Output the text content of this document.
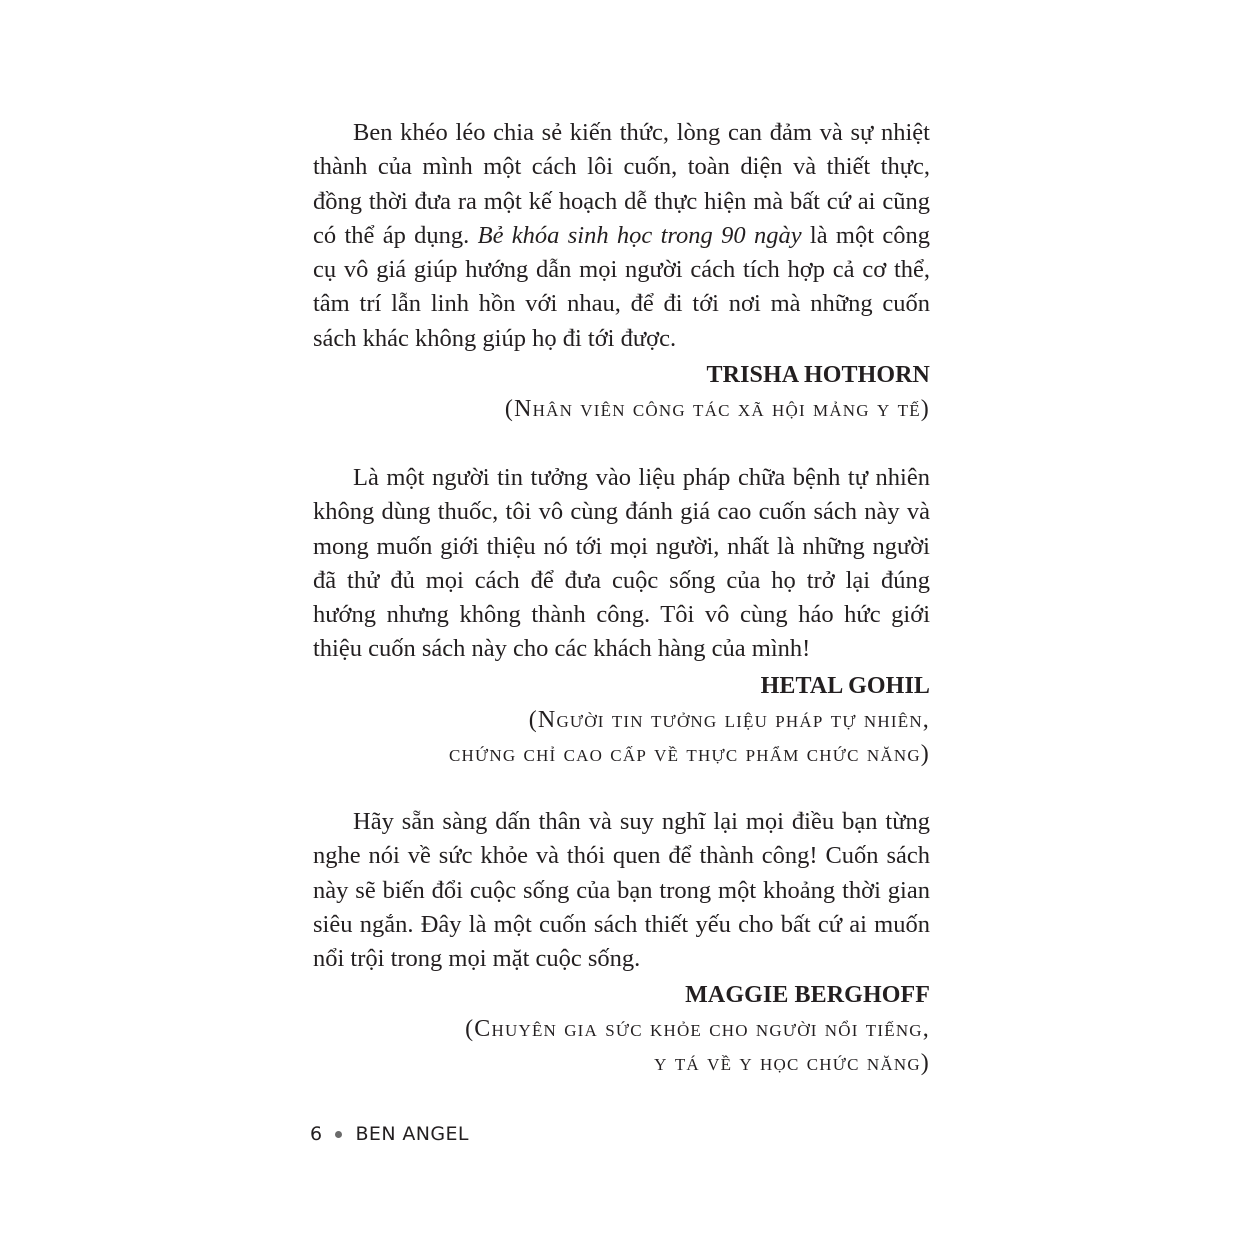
Ben khéo léo chia sẻ kiến thức, lòng can đảm và sự nhiệt thành của mình một cách lôi cuốn, toàn diện và thiết thực, đồng thời đưa ra một kế hoạch dễ thực hiện mà bất cứ ai cũng có thể áp dụng. Bẻ khóa sinh học trong 90 ngày là một công cụ vô giá giúp hướng dẫn mọi người cách tích hợp cả cơ thể, tâm trí lẫn linh hồn với nhau, để đi tới nơi mà những cuốn sách khác không giúp họ đi tới được.

TRISHA HOTHORN

(Nhân viên công tác xã hội mảng y tế)

Là một người tin tưởng vào liệu pháp chữa bệnh tự nhiên không dùng thuốc, tôi vô cùng đánh giá cao cuốn sách này và mong muốn giới thiệu nó tới mọi người, nhất là những người đã thử đủ mọi cách để đưa cuộc sống của họ trở lại đúng hướng nhưng không thành công. Tôi vô cùng háo hức giới thiệu cuốn sách này cho các khách hàng của mình!

HETAL GOHIL

(Người tin tưởng liệu pháp tự nhiên,

chứng chỉ cao cấp về thực phẩm chức năng)

Hãy sẵn sàng dấn thân và suy nghĩ lại mọi điều bạn từng nghe nói về sức khỏe và thói quen để thành công! Cuốn sách này sẽ biến đổi cuộc sống của bạn trong một khoảng thời gian siêu ngắn. Đây là một cuốn sách thiết yếu cho bất cứ ai muốn nổi trội trong mọi mặt cuộc sống.

MAGGIE BERGHOFF

(Chuyên gia sức khỏe cho người nổi tiếng,

y tá về y học chức năng)

6 BEN ANGEL
